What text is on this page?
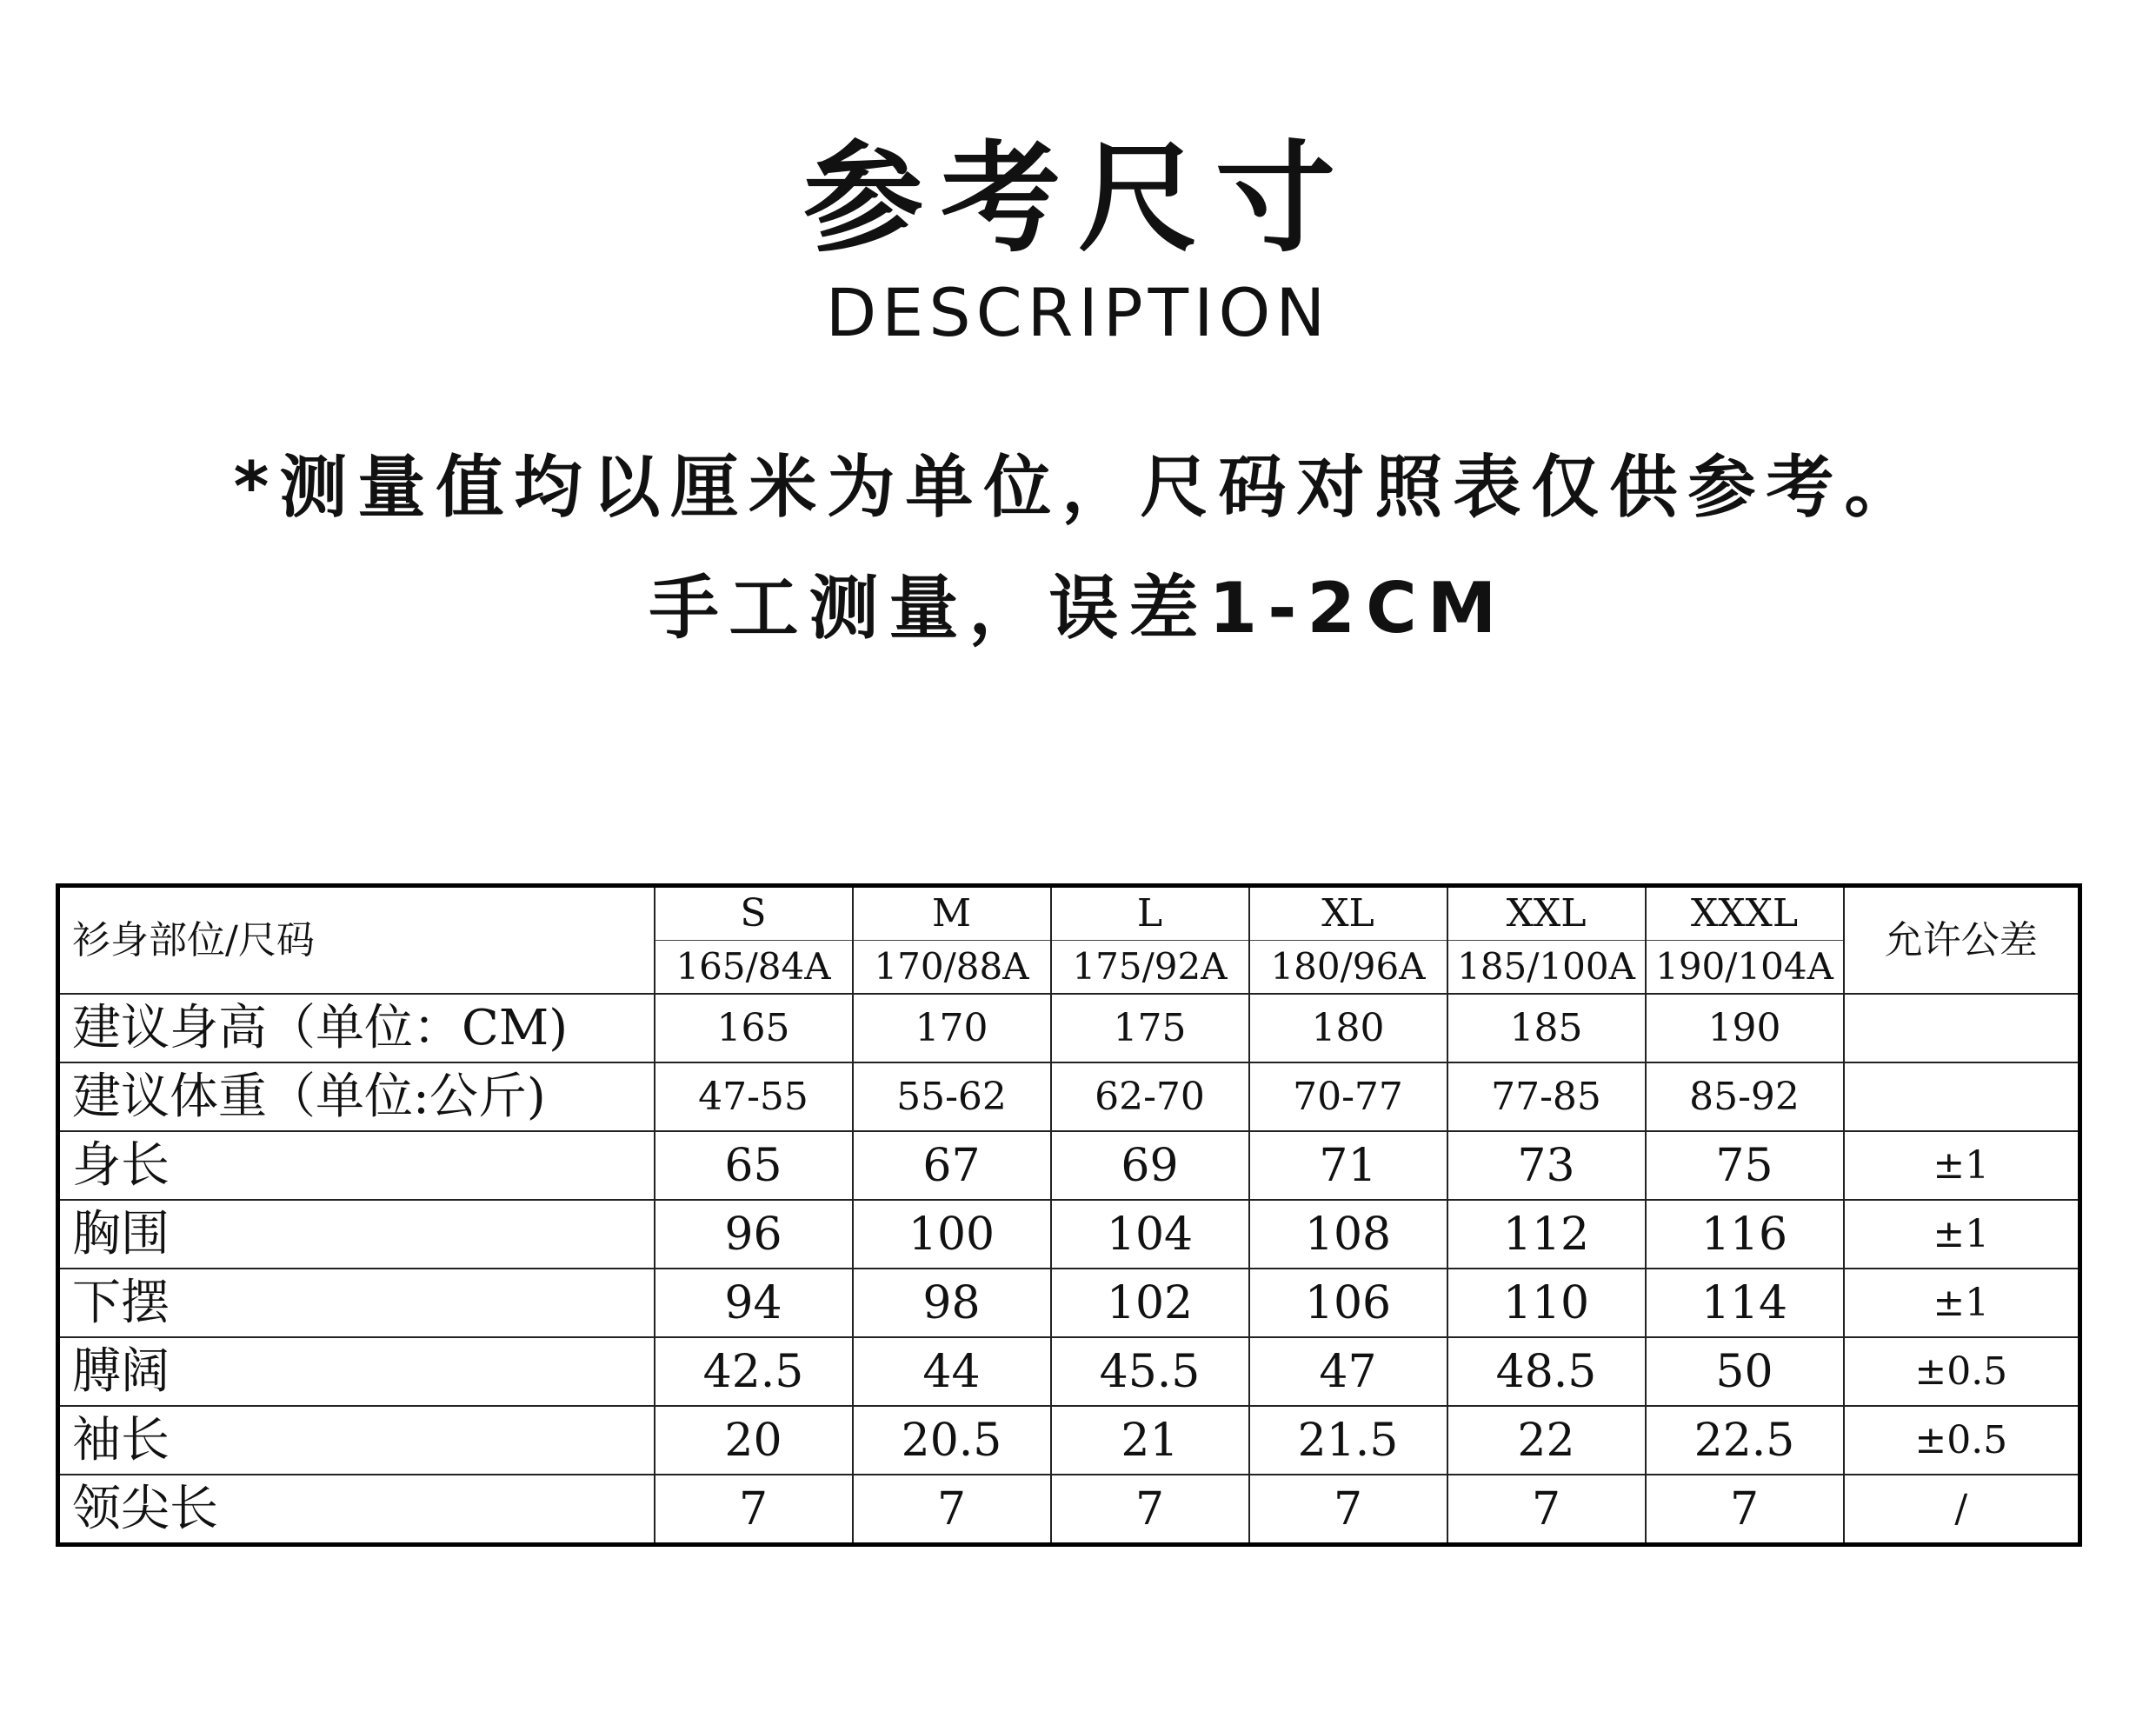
参考尺寸
DESCRIPTION
*测量值均以厘米为单位，尺码对照表仅供参考。
手工测量，误差1-2CM
衫身部位/尺码	S	M	L	XL	XXL	XXXL	允许公差
	165/84A	170/88A	175/92A	180/96A	185/100A	190/104A	
建议身高（单位：CM)	165	170	175	180	185	190	
建议体重（单位:公斤)	47-55	55-62	62-70	70-77	77-85	85-92	
身长	65	67	69	71	73	75	±1
胸围	96	100	104	108	112	116	±1
下摆	94	98	102	106	110	114	±1
膊阔	42.5	44	45.5	47	48.5	50	±0.5
袖长	20	20.5	21	21.5	22	22.5	±0.5
领尖长	7	7	7	7	7	7	/
